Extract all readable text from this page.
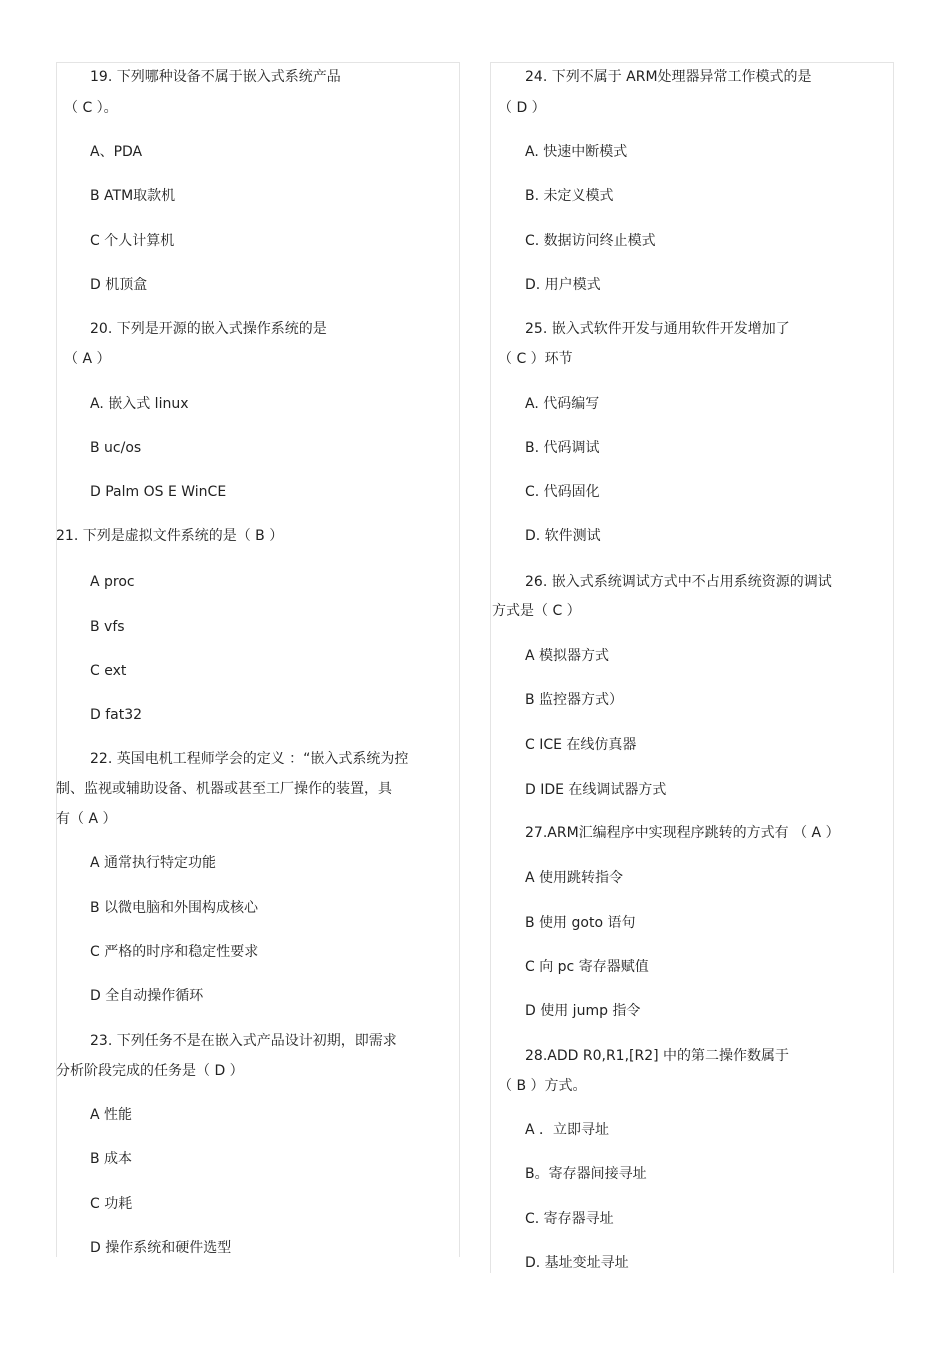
19. 下列哪种设备不属于嵌入式系统产品
（ C ）。
A、PDA
B ATM取款机
C 个人计算机
D 机顶盒
20. 下列是开源的嵌入式操作系统的是
（ A ）
A. 嵌入式 linux
B uc/os
D Palm OS E WinCE
21. 下列是虚拟文件系统的是（ B ）
A proc
B vfs
C ext
D fat32
22. 英国电机工程师学会的定义 ：“嵌入式系统为控
制、监视或辅助设备、机器或甚至工厂操作的装置，具
有（ A ）
A 通常执行特定功能
B 以微电脑和外围构成核心
C 严格的时序和稳定性要求
D 全自动操作循环
23. 下列任务不是在嵌入式产品设计初期，即需求
分析阶段完成的任务是（ D ）
A 性能
B 成本
C 功耗
D 操作系统和硬件选型
24. 下列不属于 ARM处理器异常工作模式的是
（ D ）
A. 快速中断模式
B. 未定义模式
C. 数据访问终止模式
D. 用户模式
25. 嵌入式软件开发与通用软件开发增加了
（ C ）环节
A. 代码编写
B. 代码调试
C. 代码固化
D. 软件测试
26. 嵌入式系统调试方式中不占用系统资源的调试
方式是（ C ）
A 模拟器方式
B 监控器方式）
C ICE 在线仿真器
D IDE 在线调试器方式
27.ARM汇编程序中实现程序跳转的方式有 （ A ）
A 使用跳转指令
B 使用 goto 语句
C 向 pc 寄存器赋值
D 使用 jump 指令
28.ADD R0,R1,[R2] 中的第二操作数属于
（ B ）方式。
A ．立即寻址
B。寄存器间接寻址
C. 寄存器寻址
D. 基址变址寻址
